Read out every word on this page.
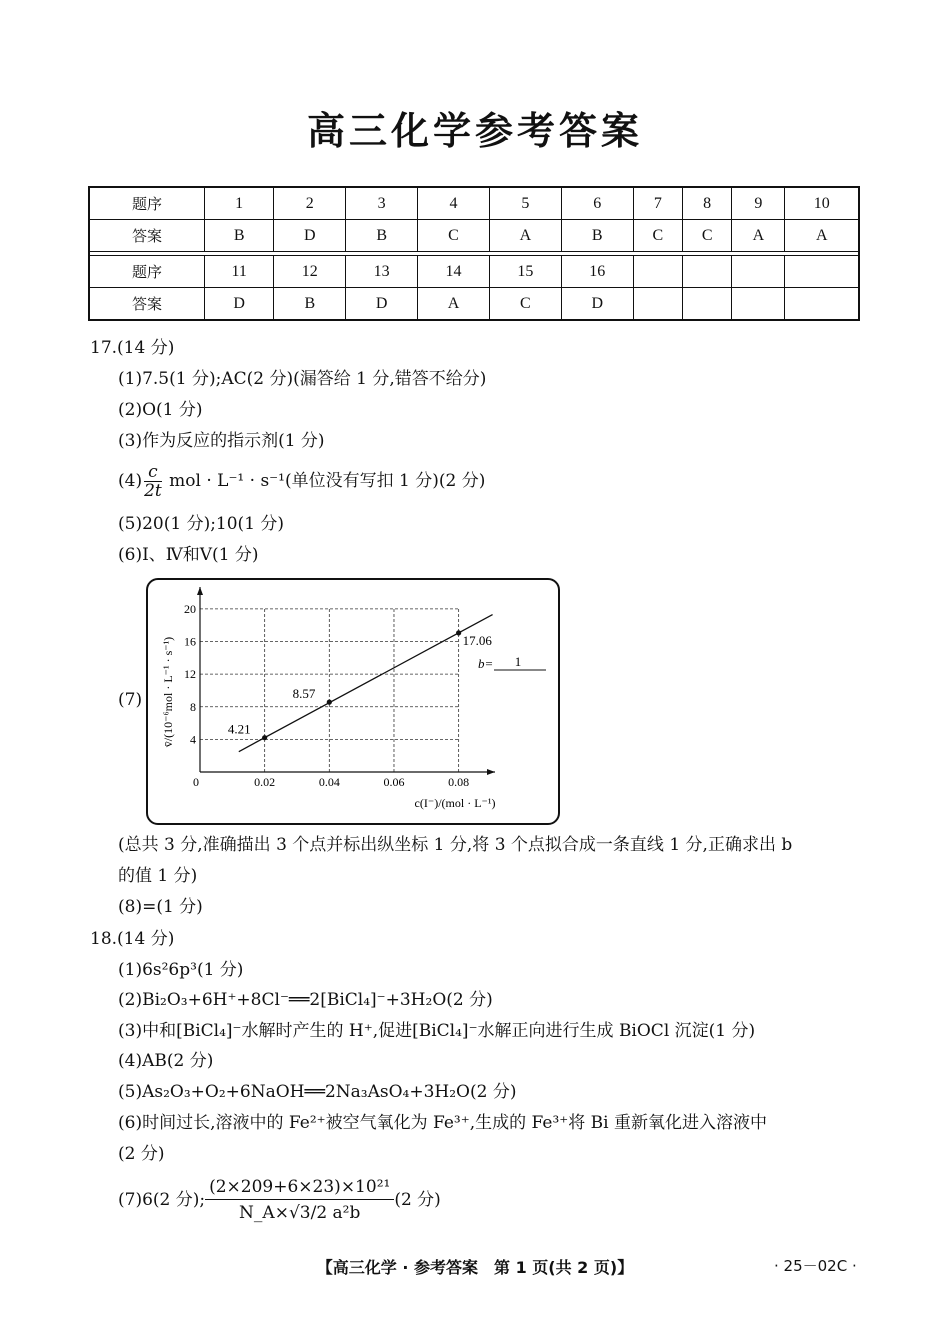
高三化学参考答案
题序	1	2	3	4	5	6	7	8	9	10
答案	B	D	B	C	A	B	C	C	A	A

题序	11	12	13	14	15	16				
答案	D	B	D	A	C	D				
17.(14 分)
(1)7.5(1 分);AC(2 分)(漏答给 1 分,错答不给分)
(2)O(1 分)
(3)作为反应的指示剂(1 分)
$(4) \frac{c}{2t}$ mol · L⁻¹ · s⁻¹(单位没有写扣 1 分)(2 分)
(5)20(1 分);10(1 分)
(6)Ⅰ、Ⅳ和Ⅴ(1 分)
(7)
0	0.02	0.04	0.06	0.08
4
8
12
16
20
c(I⁻)/(mol · L⁻¹)
v̄/(10⁻⁶mol · L⁻¹ · s⁻¹)	4.21
8.57
17.06
b= 1
(总共 3 分,准确描出 3 个点并标出纵坐标 1 分,将 3 个点拟合成一条直线 1 分,正确求出 b
的值 1 分)
(8)=(1 分)
18.(14 分)
(1)6s²6p³(1 分)
(2)Bi₂O₃+6H⁺+8Cl⁻══2[BiCl₄]⁻+3H₂O(2 分)
(3)中和[BiCl₄]⁻水解时产生的 H⁺,促进[BiCl₄]⁻水解正向进行生成 BiOCl 沉淀(1 分)
(4)AB(2 分)
(5)As₂O₃+O₂+6NaOH══2Na₃AsO₄+3H₂O(2 分)
(6)时间过长,溶液中的 Fe²⁺被空气氧化为 Fe³⁺,生成的 Fe³⁺将 Bi 重新氧化进入溶液中
(2 分)
(7)6(2 分); $\frac{\text{(2×209+6×23)×10²¹}}{\text{N\_A×√3/2 a²b}} (2$ 分)
【高三化学 · 参考答案　第 1 页(共 2 页)】	· 25－02C ·
